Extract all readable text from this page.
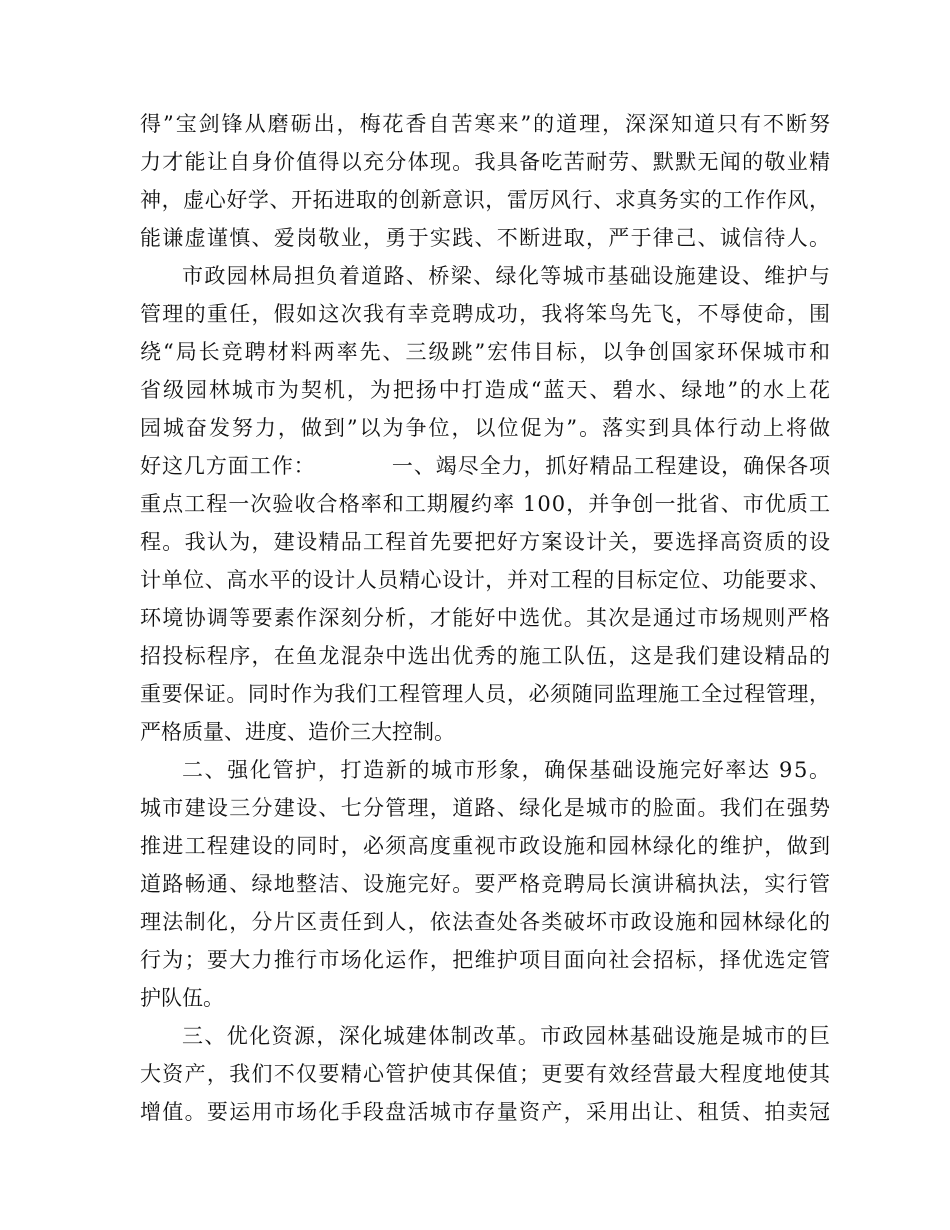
得”宝剑锋从磨砺出，梅花香自苦寒来”的道理，深深知道只有不断努
力才能让自身价值得以充分体现。我具备吃苦耐劳、默默无闻的敬业精
神，虚心好学、开拓进取的创新意识，雷厉风行、求真务实的工作作风，
能谦虚谨慎、爱岗敬业，勇于实践、不断进取，严于律己、诚信待人。
市政园林局担负着道路、桥梁、绿化等城市基础设施建设、维护与
管理的重任，假如这次我有幸竞聘成功，我将笨鸟先飞，不辱使命，围
绕“局长竞聘材料两率先、三级跳”宏伟目标，以争创国家环保城市和
省级园林城市为契机，为把扬中打造成“蓝天、碧水、绿地”的水上花
园城奋发努力，做到”以为争位，以位促为”。落实到具体行动上将做
好这几方面工作：          一、竭尽全力，抓好精品工程建设，确保各项
重点工程一次验收合格率和工期履约率 100，并争创一批省、市优质工
程。我认为，建设精品工程首先要把好方案设计关，要选择高资质的设
计单位、高水平的设计人员精心设计，并对工程的目标定位、功能要求、
环境协调等要素作深刻分析，才能好中选优。其次是通过市场规则严格
招投标程序，在鱼龙混杂中选出优秀的施工队伍，这是我们建设精品的
重要保证。同时作为我们工程管理人员，必须随同监理施工全过程管理，
严格质量、进度、造价三大控制。
二、强化管护，打造新的城市形象，确保基础设施完好率达 95。
城市建设三分建设、七分管理，道路、绿化是城市的脸面。我们在强势
推进工程建设的同时，必须高度重视市政设施和园林绿化的维护，做到
道路畅通、绿地整洁、设施完好。要严格竞聘局长演讲稿执法，实行管
理法制化，分片区责任到人，依法查处各类破坏市政设施和园林绿化的
行为；要大力推行市场化运作，把维护项目面向社会招标，择优选定管
护队伍。
三、优化资源，深化城建体制改革。市政园林基础设施是城市的巨
大资产，我们不仅要精心管护使其保值；更要有效经营最大程度地使其
增值。要运用市场化手段盘活城市存量资产，采用出让、租赁、拍卖冠
